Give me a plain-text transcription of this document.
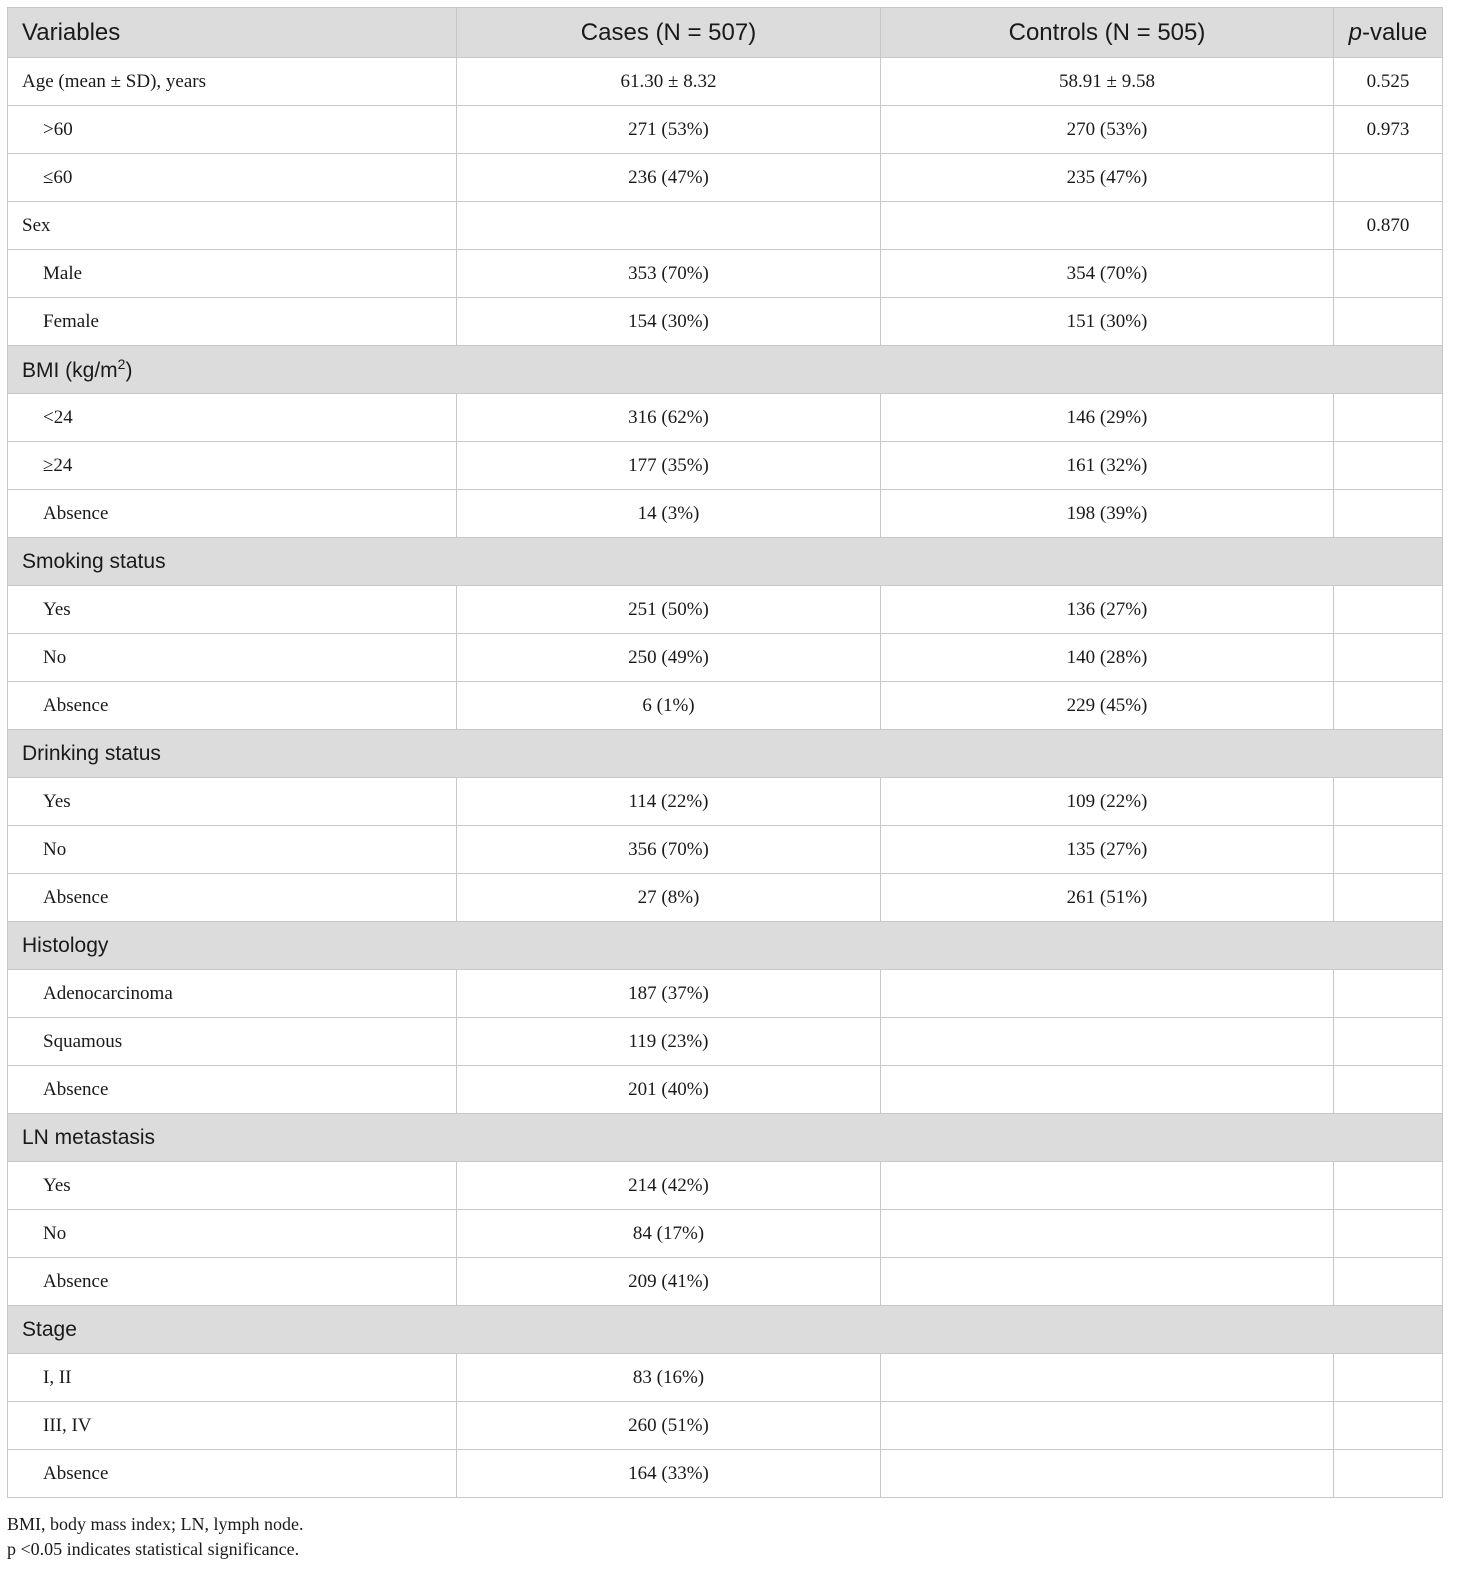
Variables	Cases (N = 507)	Controls (N = 505)	p-value
Age (mean ± SD), years	61.30 ± 8.32	58.91 ± 9.58	0.525
>60	271 (53%)	270 (53%)	0.973
≤60	236 (47%)	235 (47%)	
Sex			0.870
Male	353 (70%)	354 (70%)	
Female	154 (30%)	151 (30%)	
BMI $(kg/m^2)$			
<24	316 (62%)	146 (29%)	
≥24	177 (35%)	161 (32%)	
Absence	14 (3%)	198 (39%)	
Smoking status			
Yes	251 (50%)	136 (27%)	
No	250 (49%)	140 (28%)	
Absence	6 (1%)	229 (45%)	
Drinking status			
Yes	114 (22%)	109 (22%)	
No	356 (70%)	135 (27%)	
Absence	27 (8%)	261 (51%)	
Histology			
Adenocarcinoma	187 (37%)		
Squamous	119 (23%)		
Absence	201 (40%)		
LN metastasis			
Yes	214 (42%)		
No	84 (17%)		
Absence	209 (41%)		
Stage			
I, II	83 (16%)		
III, IV	260 (51%)		
Absence	164 (33%)		
BMI, body mass index; LN, lymph node.
p <0.05 indicates statistical significance.
